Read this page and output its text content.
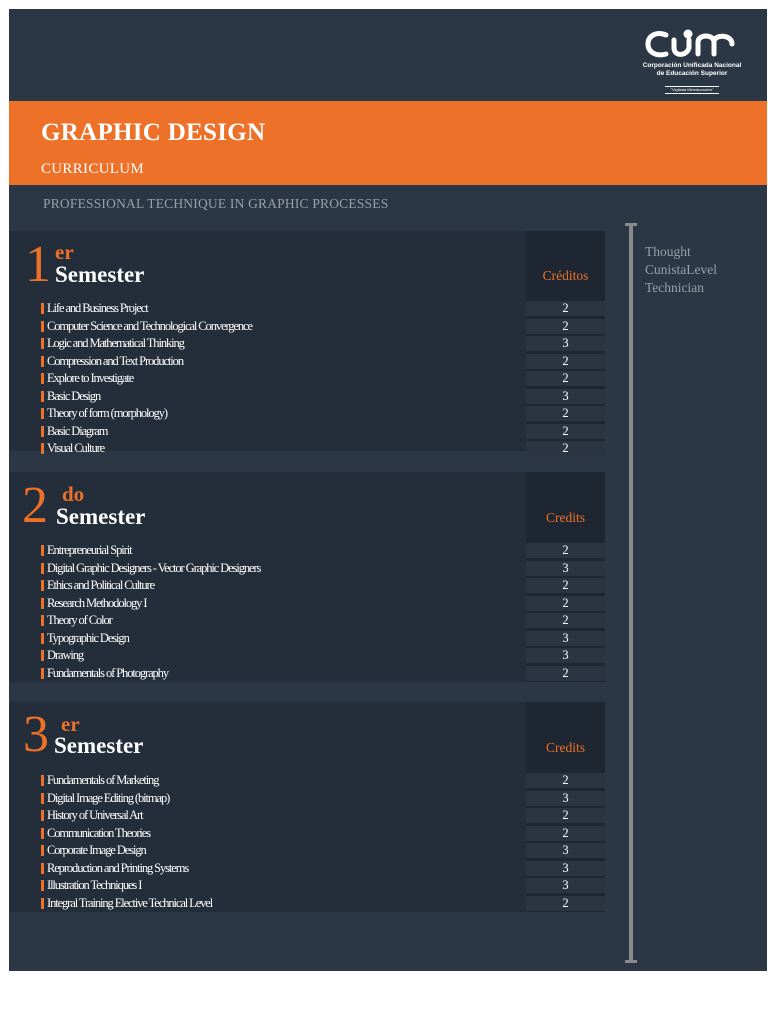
Corporación Unificada Nacional
de Educación Superior
"Vigilada Mineducación"
GRAPHIC DESIGN
CURRICULUM
PROFESSIONAL TECHNIQUE IN GRAPHIC PROCESSES
1 er
Semester	Créditos
Life and Business Project	2
Computer Science and Technological Convergence	2
Logic and Mathematical Thinking	3
Compression and Text Production	2
Explore to Investigate	2
Basic Design	3
Theory of form (morphology)	2
Basic Diagram	2
Visual Culture	2
2 do
Semester	Credits
Entrepreneurial Spirit	2
Digital Graphic Designers - Vector Graphic Designers	3
Ethics and Political Culture	2
Research Methodology I	2
Theory of Color	2
Typographic Design	3
Drawing	3
Fundamentals of Photography	2
3 er
Semester	Credits
Fundamentals of Marketing	2
Digital Image Editing (bitmap)	3
History of Universal Art	2
Communication Theories	2
Corporate Image Design	3
Reproduction and Printing Systems	3
Illustration Techniques I	3
Integral Training Elective Technical Level	2
Thought
CunistaLevel
Technician
